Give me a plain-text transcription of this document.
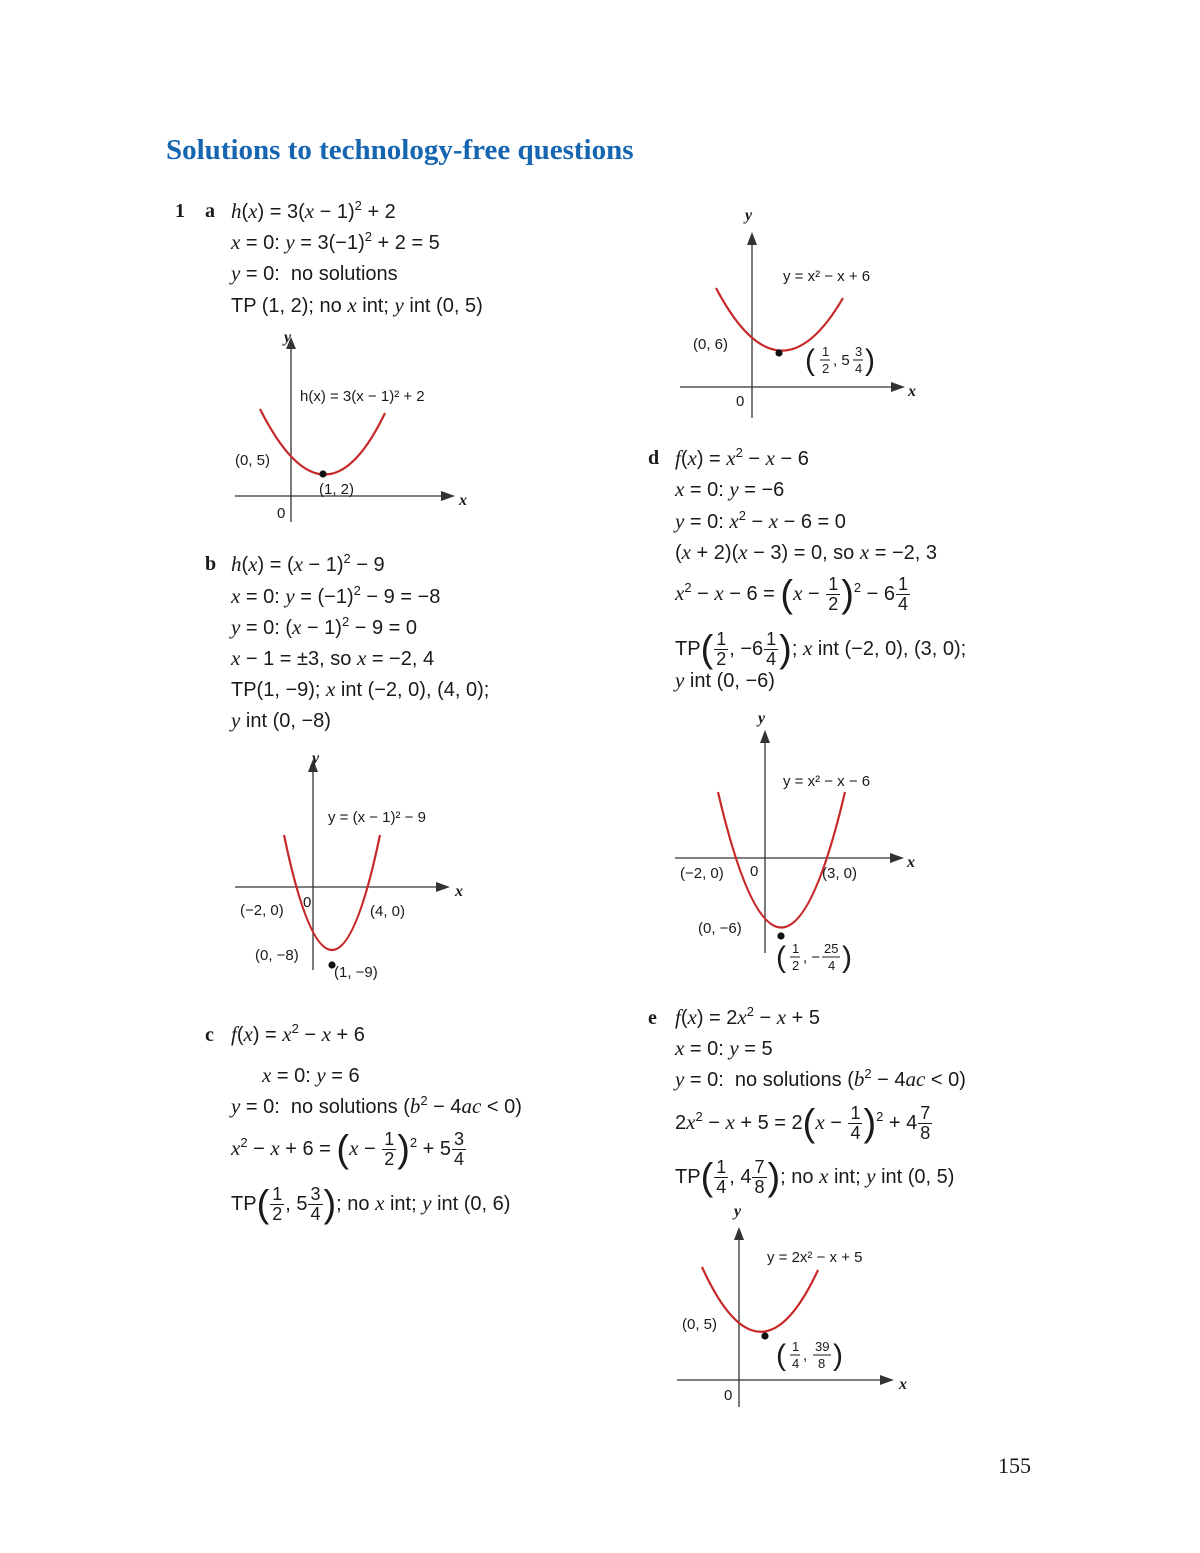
Solutions to technology-free questions
1 a $h(x) = 3(x - 1)^2 + 2$
x = 0: $y = 3(-1)^2 + 2 = 5$
y = 0:  no solutions
TP (1, 2); no x int; y int (0, 5)
y
x
0
h(x) = 3(x − 1)² + 2
(0, 5)
(1, 2)
b $h(x) = (x - 1)^2 - 9$
x = 0: $y = (-1)^2 - 9 = -8$
y = 0: $(x - 1)^2 - 9 = 0$
x − 1 = ±3, so x = −2, 4
TP(1, −9); x int (−2, 0), (4, 0);
y int (0, −8)
y
x
0
y = (x − 1)² − 9
(−2, 0)	(4, 0)
(0, −8)
(1, −9)
c $f(x) = x^2 - x + 6$
x = 0: y = 6
y = 0:  no solutions $(b^2 - 4ac < 0)$
$x^2 - x + 6 = (x - \frac{1}{2} )^2 + 5 \frac{3}{4}$
$TP( \frac{1}{2}$ , $5 \frac{3}{4}$ ); no x int; y int (0, 6)
y
x
0
y = x² − x + 6
(0, 6)	( 1
2 , 5
3
4 )
d $f(x) = x^2 - x - 6$
x = 0: y = −6
y = 0: $x^2 - x - 6 = 0$
(x + 2)(x − 3) = 0, so x = −2, 3
$x^2 - x - 6 = (x - \frac{1}{2} )^2 - 6 \frac{1}{4}$
$TP( \frac{1}{2}$ , $-6 \frac{1}{4}$ ); x int (−2, 0), (3, 0);
y int (0, −6)
y
x
0
y = x² − x − 6
(−2, 0)	(3, 0)
(0, −6)
( 1
2 , −
25
4 )
e $f(x) = 2x^2 - x + 5$
x = 0: y = 5
y = 0:  no solutions $(b^2 - 4ac < 0)$
$2x^2 - x + 5 = 2(x - \frac{1}{4} )^2 + 4 \frac{7}{8}$
$TP( \frac{1}{4}$ , $4 \frac{7}{8}$ ); no x int; y int (0, 5)
y
x
0
y = 2x² − x + 5
(0, 5)
( 1
4 ,
39
8 )
155
